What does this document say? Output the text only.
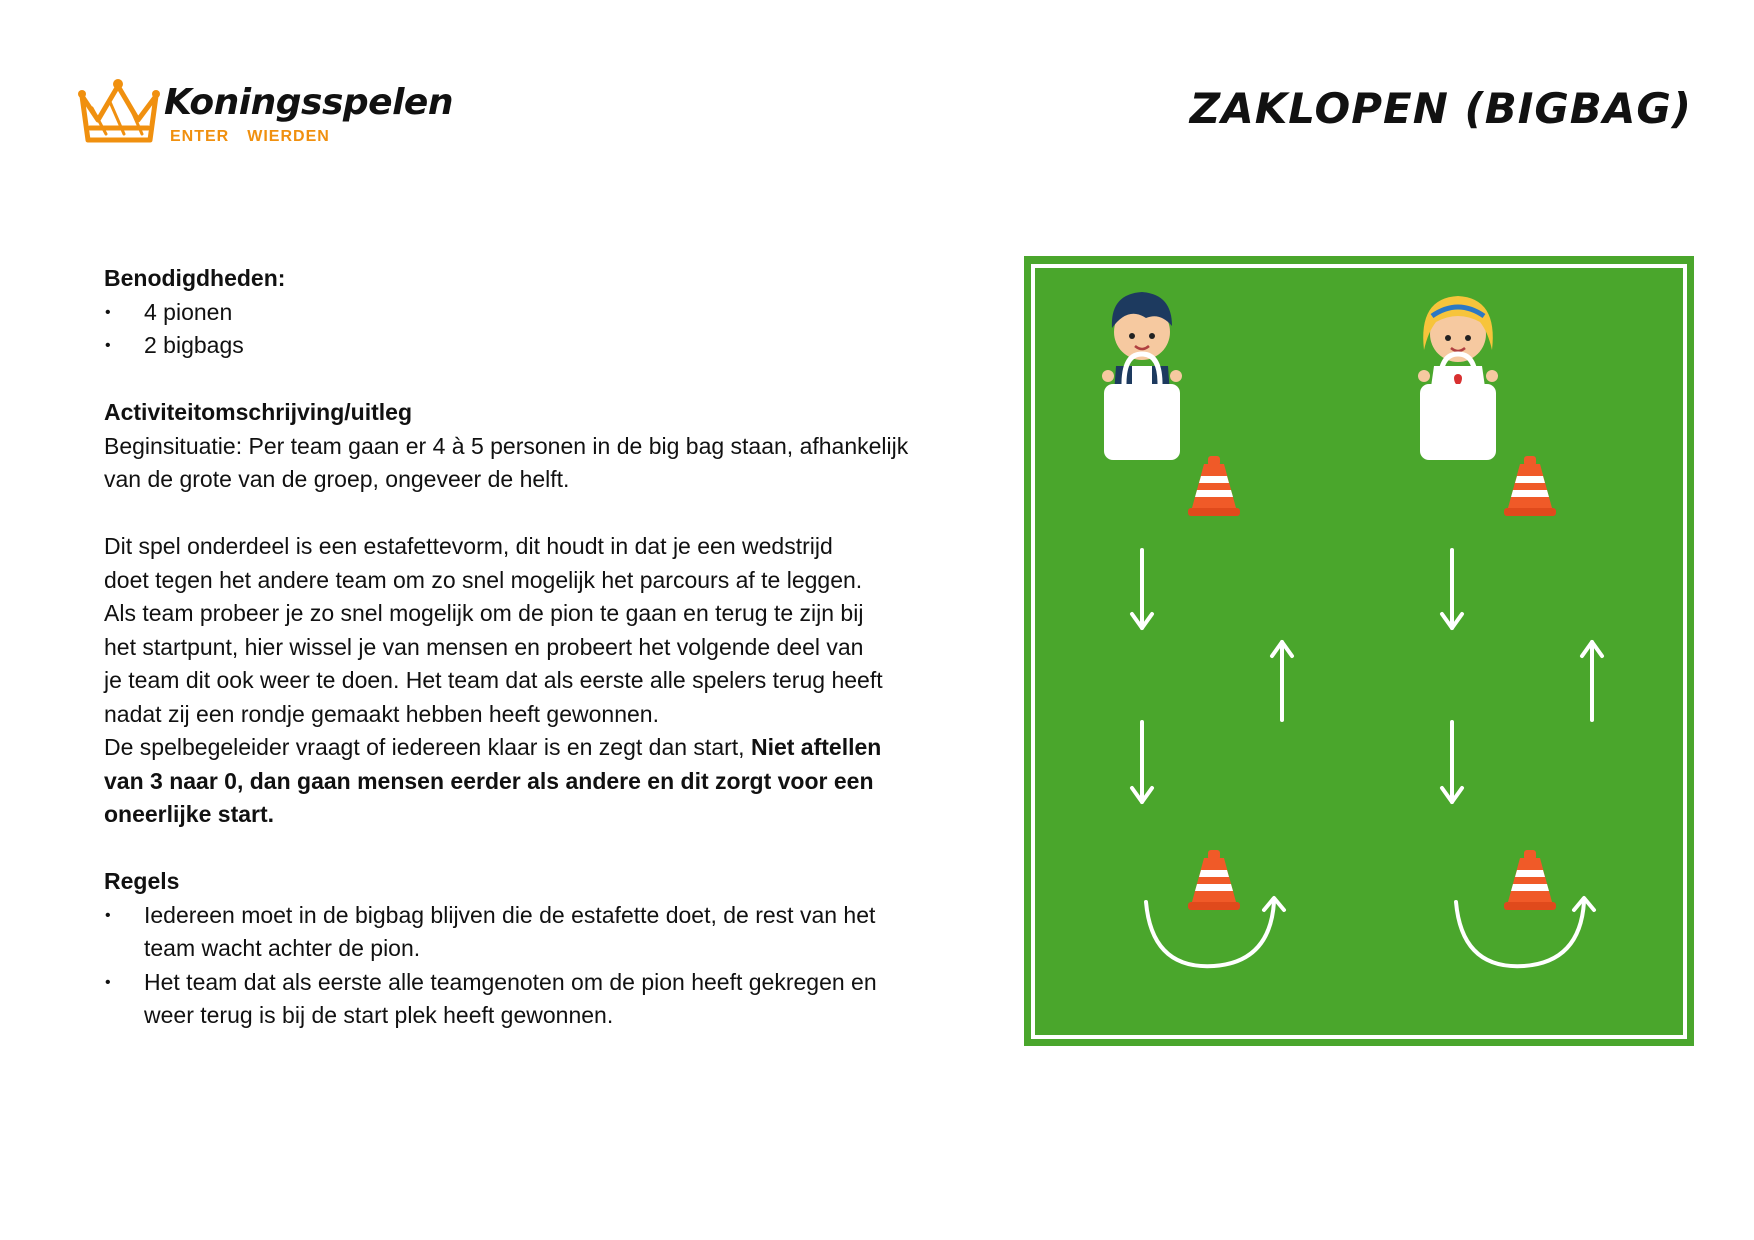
Koningsspelen
ENTER WIERDEN
ZAKLOPEN (BIGBAG)

Benodigdheden:

• 4 pionen

• 2 bigbags

Activiteitomschrijving/uitleg

Beginsituatie: Per team gaan er 4 à 5 personen in de big bag staan, afhankelijk

van de grote van de groep, ongeveer de helft.

Dit spel onderdeel is een estafettevorm, dit houdt in dat je een wedstrijd

doet tegen het andere team om zo snel mogelijk het parcours af te leggen.

Als team probeer je zo snel mogelijk om de pion te gaan en terug te zijn bij

het startpunt, hier wissel je van mensen en probeert het volgende deel van

je team dit ook weer te doen. Het team dat als eerste alle spelers terug heeft

nadat zij een rondje gemaakt hebben heeft gewonnen.

De spelbegeleider vraagt of iedereen klaar is en zegt dan start, Niet aftellen

van 3 naar 0, dan gaan mensen eerder als andere en dit zorgt voor een

oneerlijke start.

Regels

• Iedereen moet in de bigbag blijven die de estafette doet, de rest van het

team wacht achter de pion.

• Het team dat als eerste alle teamgenoten om de pion heeft gekregen en

weer terug is bij de start plek heeft gewonnen.
